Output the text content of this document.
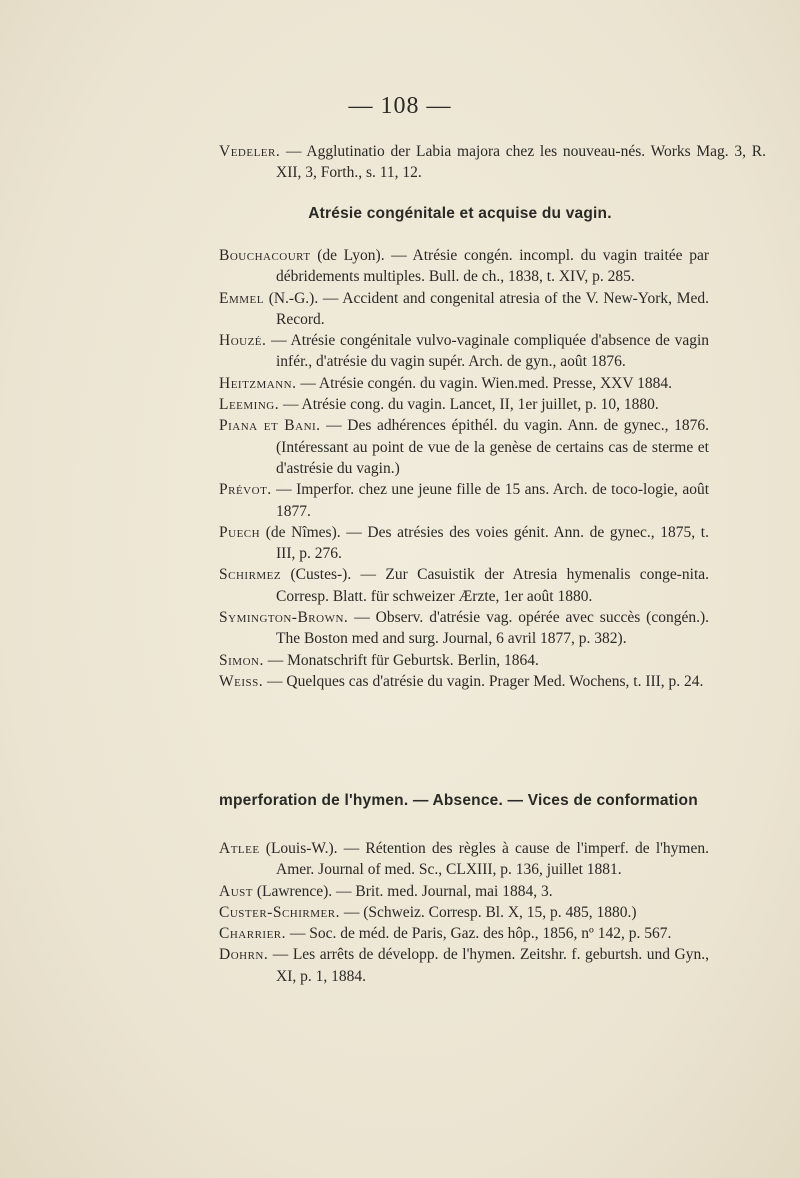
— 108 —

Vedeler. — Agglutinatio der Labia majora chez les nouveau-nés. Works Mag. 3, R. XII, 3, Forth., s. 11, 12.

Atrésie congénitale et acquise du vagin.

Bouchacourt (de Lyon). — Atrésie congén. incompl. du vagin traitée par débridements multiples. Bull. de ch., 1838, t. XIV, p. 285.

Emmel (N.-G.). — Accident and congenital atresia of the V. New-York, Med. Record.

Houzé. — Atrésie congénitale vulvo-vaginale compliquée d'absence de vagin infér., d'atrésie du vagin supér. Arch. de gyn., août 1876.

Heitzmann. — Atrésie congén. du vagin. Wien.med. Presse, XXV 1884.

Leeming. — Atrésie cong. du vagin. Lancet, II, 1er juillet, p. 10, 1880.

Piana et Bani. — Des adhérences épithél. du vagin. Ann. de gynec., 1876. (Intéressant au point de vue de la genèse de certains cas de sterme et d'astrésie du vagin.)

Prévot. — Imperfor. chez une jeune fille de 15 ans. Arch. de toco-logie, août 1877.

Puech (de Nîmes). — Des atrésies des voies génit. Ann. de gynec., 1875, t. III, p. 276.

Schirmez (Custes-). — Zur Casuistik der Atresia hymenalis conge-nita. Corresp. Blatt. für schweizer Ærzte, 1er août 1880.

Symington-Brown. — Observ. d'atrésie vag. opérée avec succès (congén.). The Boston med and surg. Journal, 6 avril 1877, p. 382).

Simon. — Monatschrift für Geburtsk. Berlin, 1864.

Weiss. — Quelques cas d'atrésie du vagin. Prager Med. Wochens, t. III, p. 24.

mperforation de l'hymen. — Absence. — Vices de conformation

Atlee (Louis-W.). — Rétention des règles à cause de l'imperf. de l'hymen. Amer. Journal of med. Sc., CLXIII, p. 136, juillet 1881.

Aust (Lawrence). — Brit. med. Journal, mai 1884, 3.

Custer-Schirmer. — (Schweiz. Corresp. Bl. X, 15, p. 485, 1880.)

Charrier. — Soc. de méd. de Paris, Gaz. des hôp., 1856, nº 142, p. 567.

Dohrn. — Les arrêts de développ. de l'hymen. Zeitshr. f. geburtsh. und Gyn., XI, p. 1, 1884.
